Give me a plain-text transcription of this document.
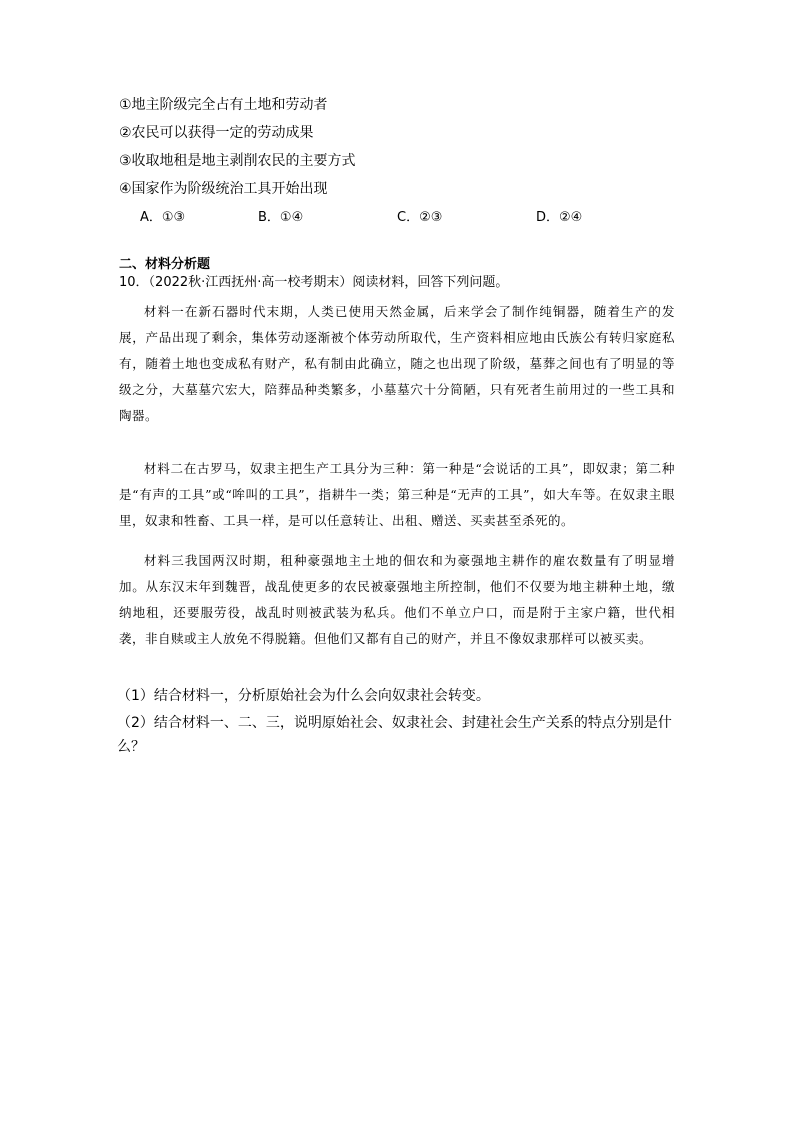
①地主阶级完全占有土地和劳动者
②农民可以获得一定的劳动成果
③收取地租是地主剥削农民的主要方式
④国家作为阶级统治工具开始出现
A．①③	B．①④	C．②③	D．②④
二、材料分析题
10．（2022秋·江西抚州·高一校考期末）阅读材料，回答下列问题。

材料一在新石器时代末期，人类已使用天然金属，后来学会了制作纯铜器，随着生产的发展，产品出现了剩余，集体劳动逐渐被个体劳动所取代，生产资料相应地由氏族公有转归家庭私有，随着土地也变成私有财产，私有制由此确立，随之也出现了阶级，墓葬之间也有了明显的等级之分，大墓墓穴宏大，陪葬品种类繁多，小墓墓穴十分简陋，只有死者生前用过的一些工具和陶器。

材料二在古罗马，奴隶主把生产工具分为三种：第一种是“会说话的工具”，即奴隶；第二种是“有声的工具”或“哞叫的工具”，指耕牛一类；第三种是“无声的工具”，如大车等。在奴隶主眼里，奴隶和牲畜、工具一样，是可以任意转让、出租、赠送、买卖甚至杀死的。

材料三我国两汉时期，租种豪强地主土地的佃农和为豪强地主耕作的雇农数量有了明显增加。从东汉末年到魏晋，战乱使更多的农民被豪强地主所控制，他们不仅要为地主耕种土地，缴纳地租，还要服劳役，战乱时则被武装为私兵。他们不单立户口，而是附于主家户籍，世代相袭，非自赎或主人放免不得脱籍。但他们又都有自己的财产，并且不像奴隶那样可以被买卖。

（1）结合材料一，分析原始社会为什么会向奴隶社会转变。
（2）结合材料一、二、三，说明原始社会、奴隶社会、封建社会生产关系的特点分别是什么？
